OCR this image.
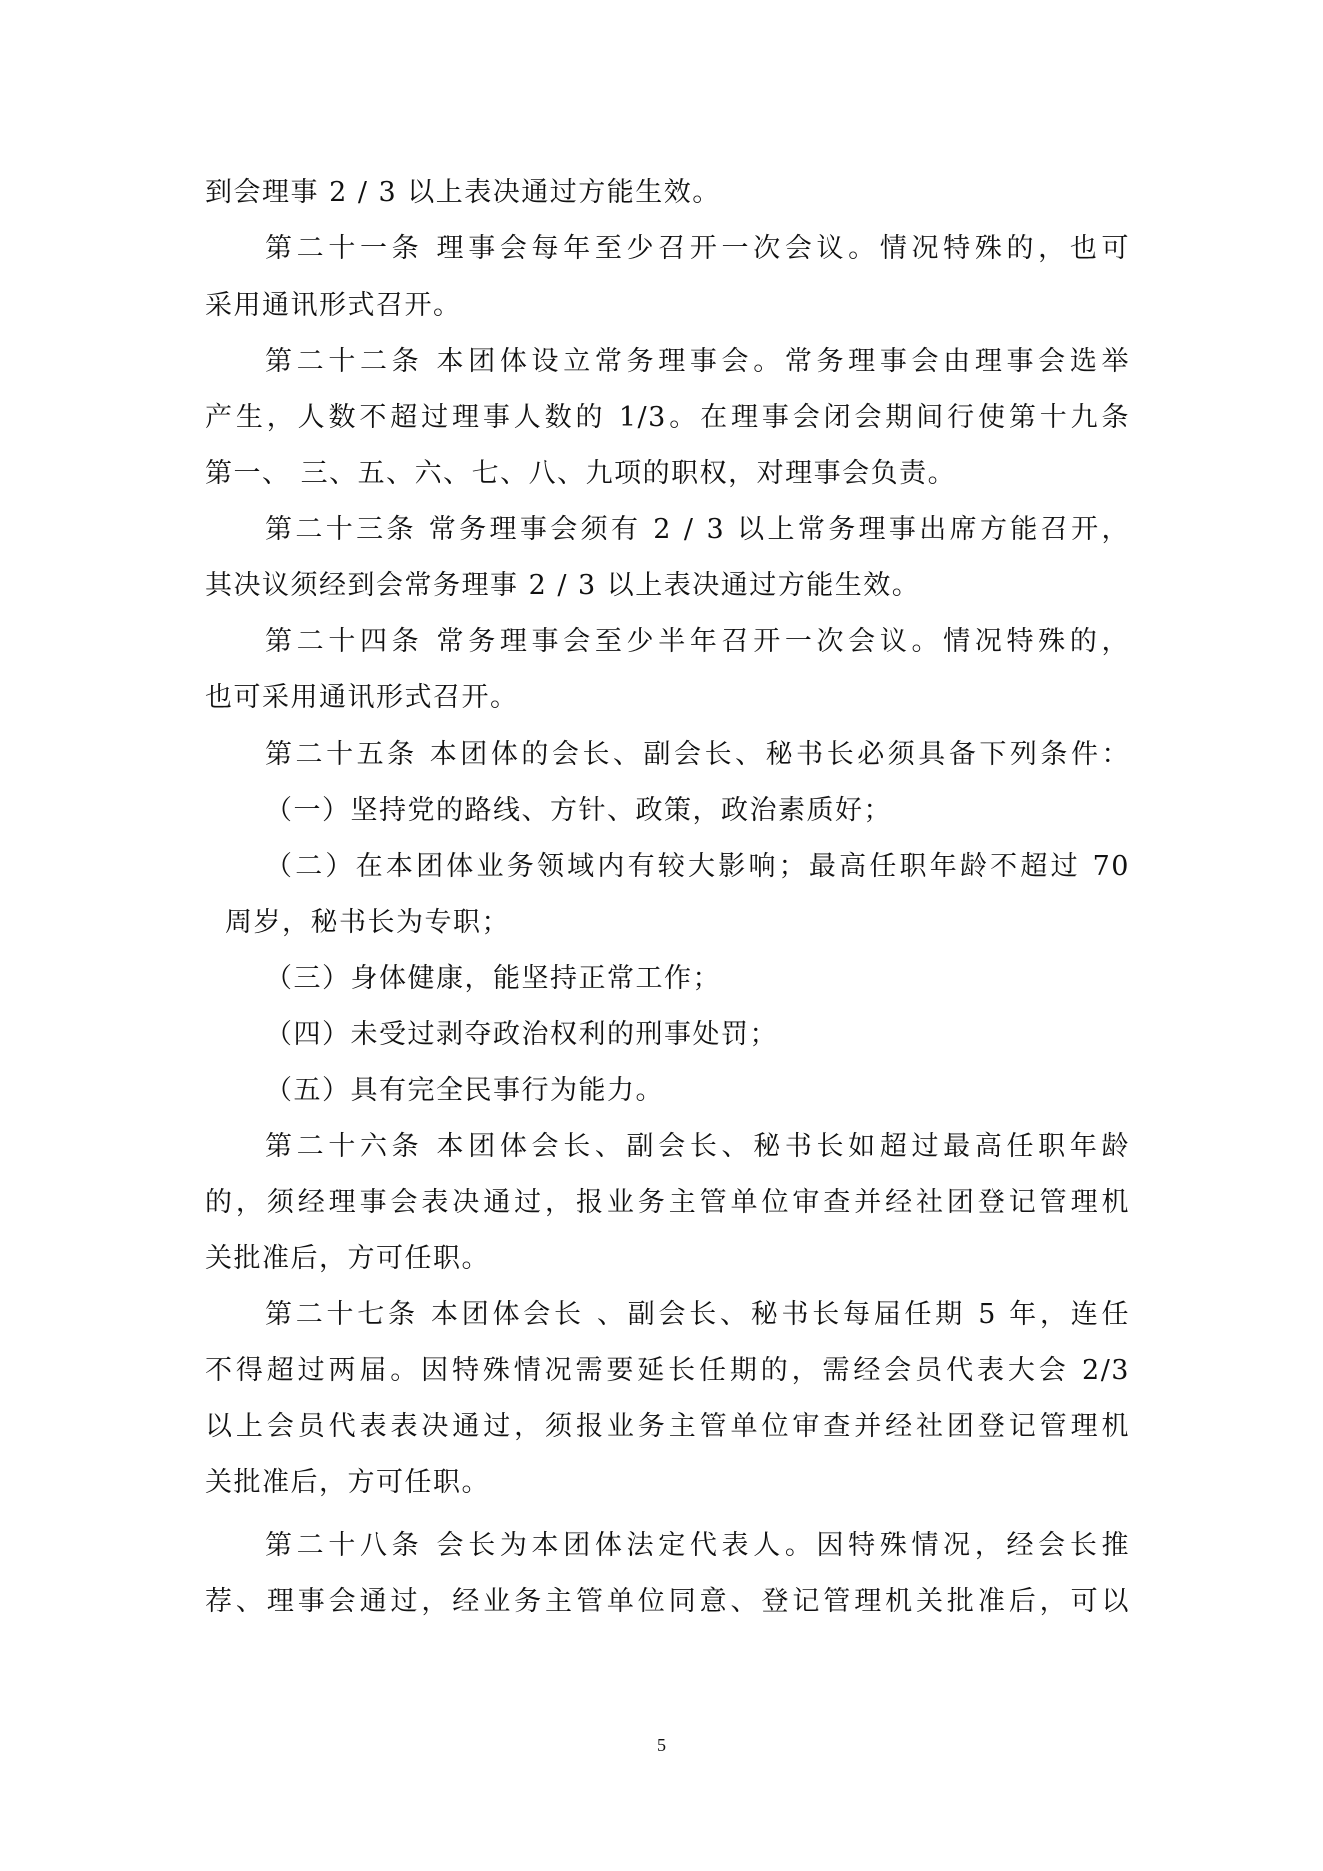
到会理事 2 / 3 以上表决通过方能生效。
第二十一条 理事会每年至少召开一次会议。情况特殊的，也可
采用通讯形式召开。
第二十二条 本团体设立常务理事会。常务理事会由理事会选举
产生，人数不超过理事人数的 1/3。在理事会闭会期间行使第十九条
第一、 三、五、六、七、八、九项的职权，对理事会负责。
第二十三条 常务理事会须有 2 / 3 以上常务理事出席方能召开，
其决议须经到会常务理事 2 / 3 以上表决通过方能生效。
第二十四条 常务理事会至少半年召开一次会议。情况特殊的，
也可采用通讯形式召开。
第二十五条 本团体的会长、副会长、秘书长必须具备下列条件：
（一）坚持党的路线、方针、政策，政治素质好；
（二）在本团体业务领域内有较大影响；最高任职年龄不超过 70
周岁，秘书长为专职；
（三）身体健康，能坚持正常工作；
（四）未受过剥夺政治权利的刑事处罚；
（五）具有完全民事行为能力。
第二十六条 本团体会长、副会长、秘书长如超过最高任职年龄
的，须经理事会表决通过，报业务主管单位审查并经社团登记管理机
关批准后，方可任职。
第二十七条 本团体会长 、副会长、秘书长每届任期 5 年，连任
不得超过两届。因特殊情况需要延长任期的，需经会员代表大会 2/3
以上会员代表表决通过，须报业务主管单位审查并经社团登记管理机
关批准后，方可任职。
第二十八条 会长为本团体法定代表人。因特殊情况，经会长推
荐、理事会通过，经业务主管单位同意、登记管理机关批准后，可以
5
